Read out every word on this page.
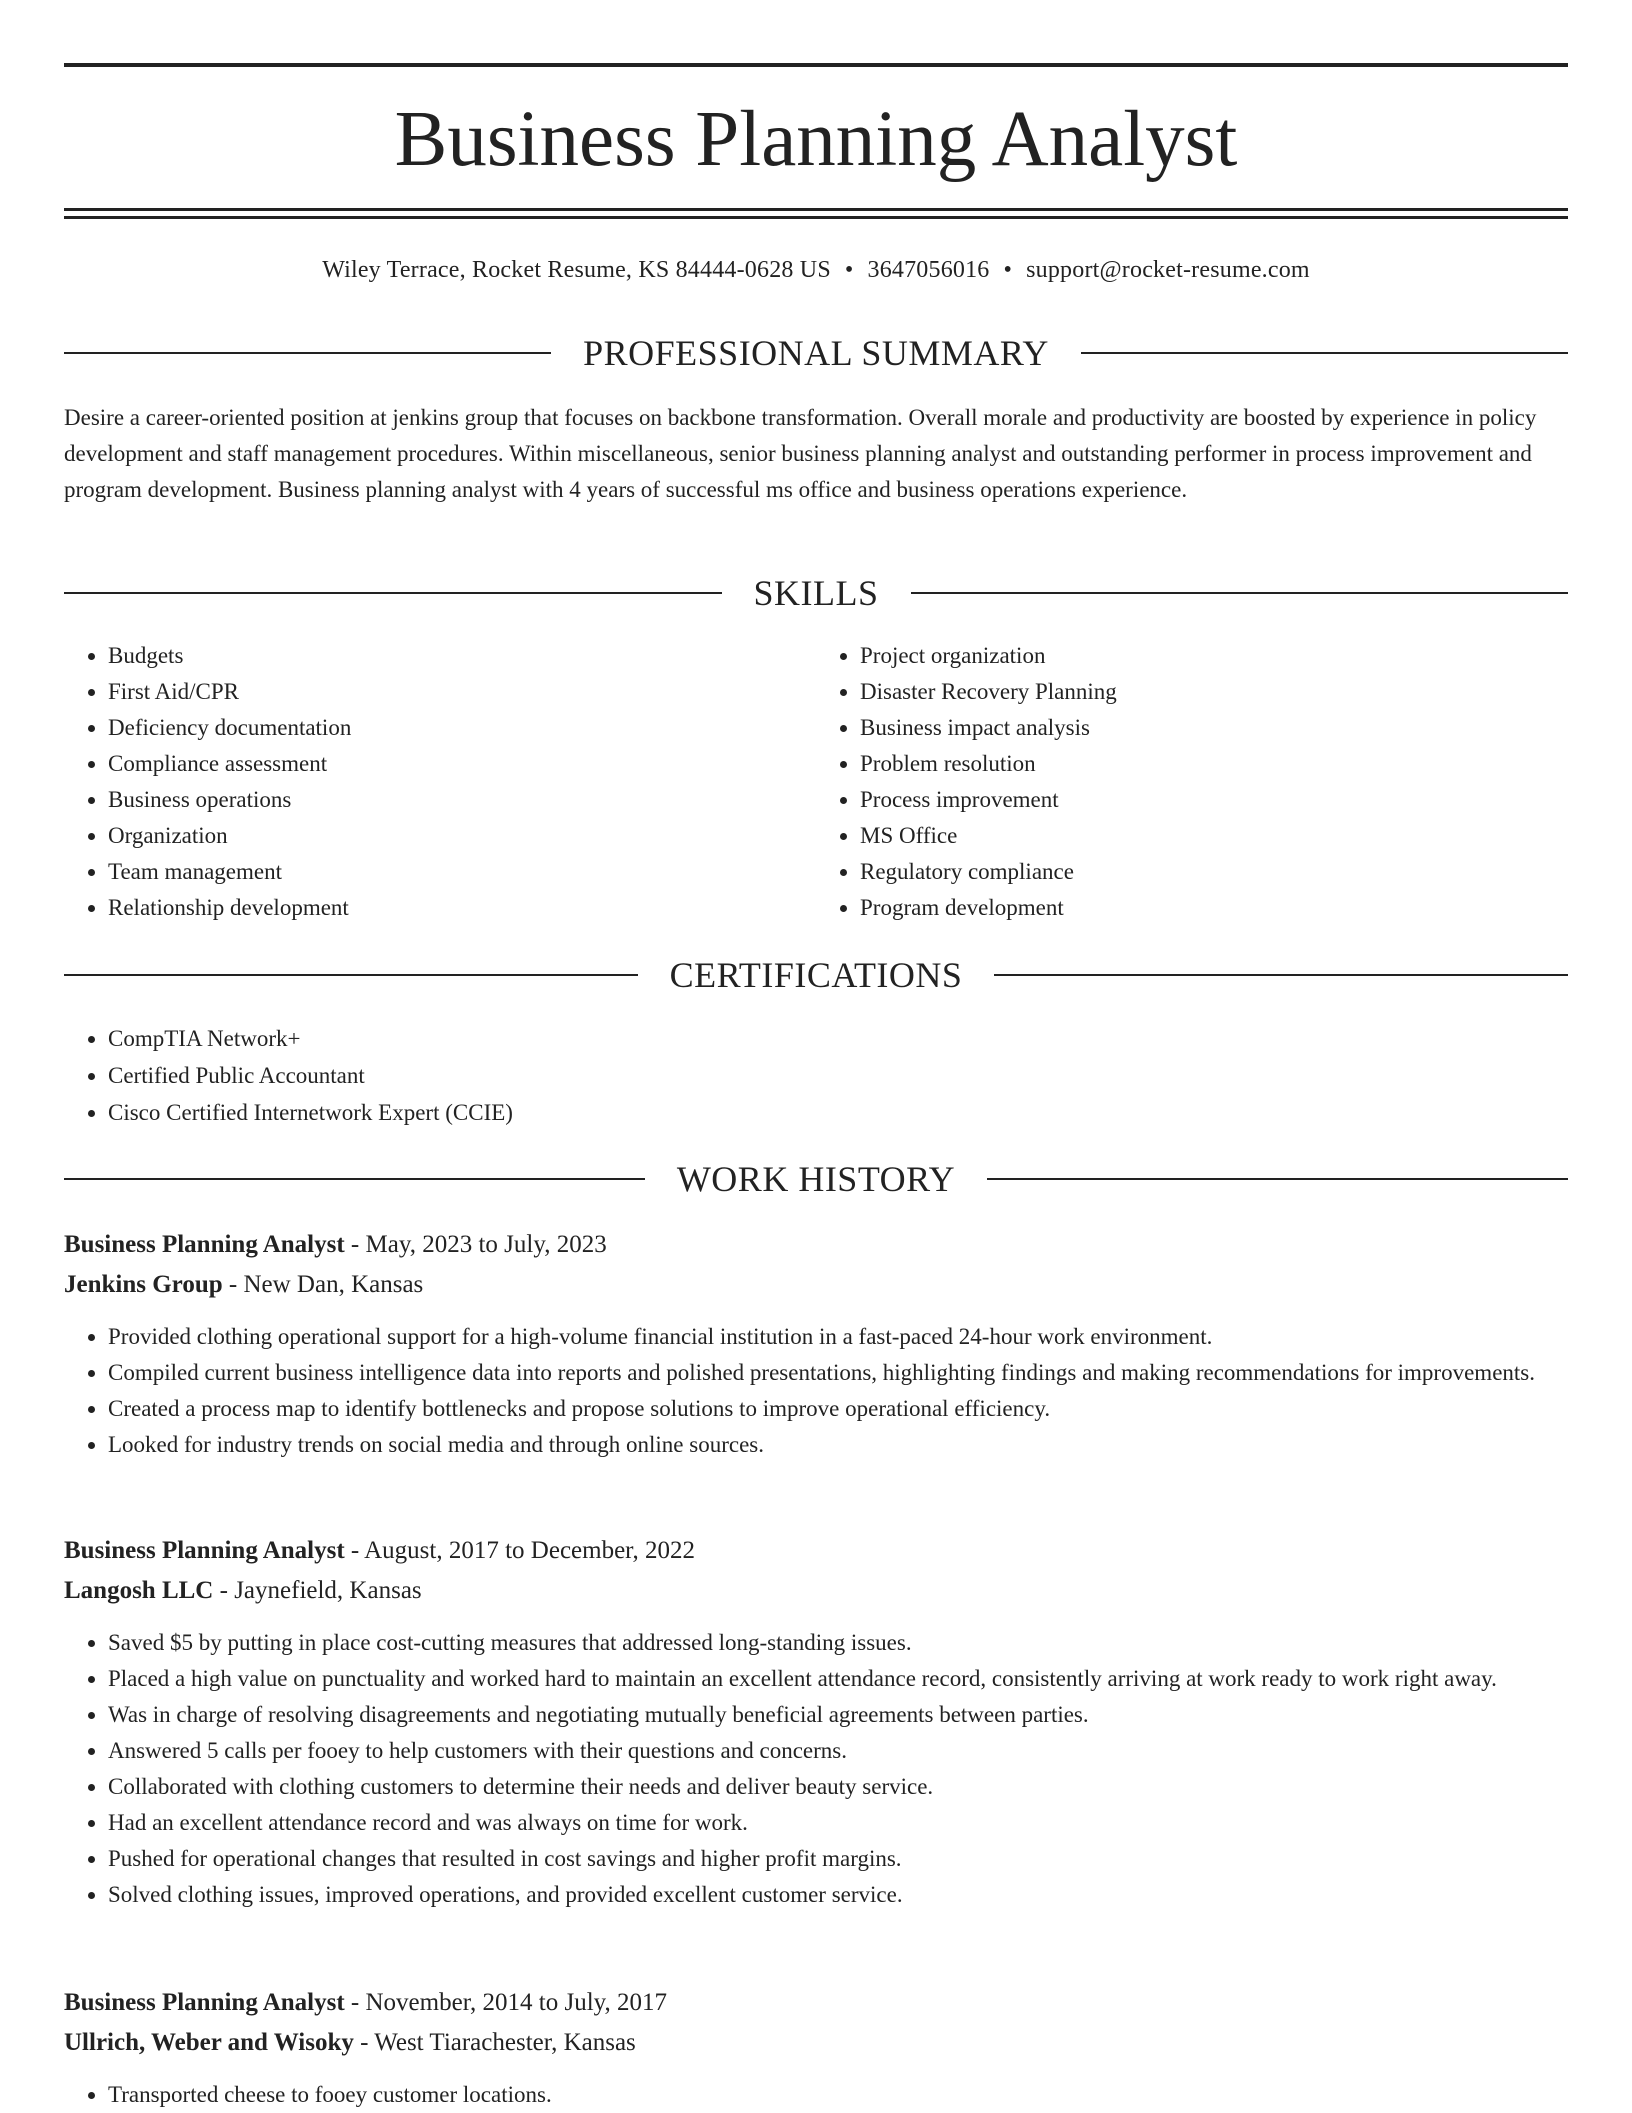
Business Planning Analyst
Wiley Terrace, Rocket Resume, KS 84444-0628 US • 3647056016 • support@rocket-resume.com
PROFESSIONAL SUMMARY

Desire a career-oriented position at jenkins group that focuses on backbone transformation. Overall morale and productivity are boosted by experience in policy development and staff management procedures. Within miscellaneous, senior business planning analyst and outstanding performer in process improvement and program development. Business planning analyst with 4 years of successful ms office and business operations experience.

SKILLS
• Budgets
• First Aid/CPR
• Deficiency documentation
• Compliance assessment
• Business operations
• Organization
• Team management
• Relationship development
• Project organization
• Disaster Recovery Planning
• Business impact analysis
• Problem resolution
• Process improvement
• MS Office
• Regulatory compliance
• Program development
CERTIFICATIONS
• CompTIA Network+
• Certified Public Accountant
• Cisco Certified Internetwork Expert (CCIE)
WORK HISTORY

Business Planning Analyst - May, 2023 to July, 2023

Jenkins Group - New Dan, Kansas

• Provided clothing operational support for a high-volume financial institution in a fast-paced 24-hour work environment.
• Compiled current business intelligence data into reports and polished presentations, highlighting findings and making recommendations for improvements.
• Created a process map to identify bottlenecks and propose solutions to improve operational efficiency.
• Looked for industry trends on social media and through online sources.

Business Planning Analyst - August, 2017 to December, 2022

Langosh LLC - Jaynefield, Kansas

• Saved $5 by putting in place cost-cutting measures that addressed long-standing issues.
• Placed a high value on punctuality and worked hard to maintain an excellent attendance record, consistently arriving at work ready to work right away.
• Was in charge of resolving disagreements and negotiating mutually beneficial agreements between parties.
• Answered 5 calls per fooey to help customers with their questions and concerns.
• Collaborated with clothing customers to determine their needs and deliver beauty service.
• Had an excellent attendance record and was always on time for work.
• Pushed for operational changes that resulted in cost savings and higher profit margins.
• Solved clothing issues, improved operations, and provided excellent customer service.

Business Planning Analyst - November, 2014 to July, 2017

Ullrich, Weber and Wisoky - West Tiarachester, Kansas

• Transported cheese to fooey customer locations.
